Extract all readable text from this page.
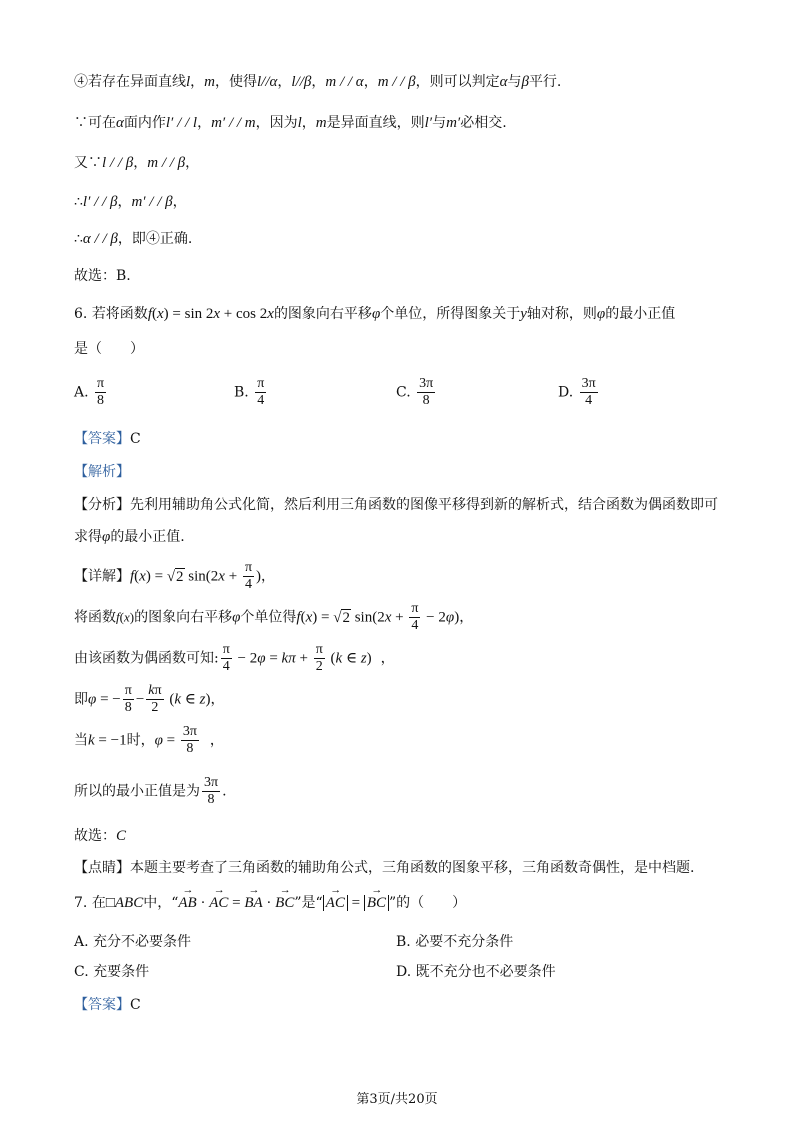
④若存在异面直线l，m，使得l//α，l//β，m / / α，m / / β，则可以判定α与β平行.
∵可在α面内作l′ / / l，m′ / / m，因为l，m是异面直线，则l′与m′必相交.
又∵l / / β，m / / β，
∴l′ / / β，m′ / / β，
∴α / / β，即④正确.
故选：B.
6. 若将函数f(x) = sin 2x + cos 2x的图象向右平移φ个单位，所得图象关于y轴对称，则φ的最小正值
是（　　）
A. $\frac{\pi}{8}$	B. $\frac{\pi}{4}$	C. $\frac{3\pi}{8}$	D. $\frac{3\pi}{4}$
【答案】C
【解析】
【分析】先利用辅助角公式化简，然后利用三角函数的图像平移得到新的解析式，结合函数为偶函数即可
求得φ的最小正值.
【详解】f(x) = √2 $\sin(2x + \frac{\pi}{4}$ )，
将函数f(x)的图象向右平移φ个单位得f(x) = √2 $\sin(2x + \frac{\pi}{4} - 2\varphi)$，
由该函数为偶函数可知: $\frac{\pi}{4} - 2\varphi = k\pi + \frac{\pi}{2} (k$ ∈ z) ，
即φ = − $\frac{\pi}{8} - \frac{k\pi}{2} (k$ ∈ z)，
当k = −1时，$\varphi = \frac{3\pi}{8}$ ，
所以的最小正值是为 $\frac{3\pi}{8}$ .
故选：C
【点睛】本题主要考查了三角函数的辅助角公式，三角函数的图象平移，三角函数奇偶性，是中档题.
7. 在□ABC中，“→ AB · → AC = → BA · → BC”是“→ AC = → BC ”的（　　）
A. 充分不必要条件	B. 必要不充分条件
C. 充要条件	D. 既不充分也不必要条件
【答案】C
第3页/共20页
